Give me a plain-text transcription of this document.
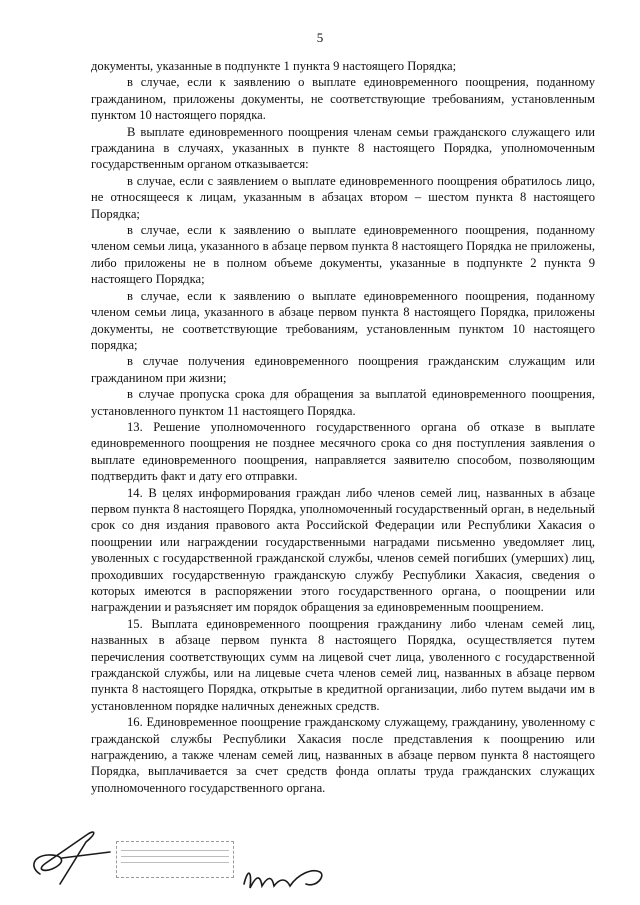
5

документы, указанные в подпункте 1 пункта 9 настоящего Порядка;

в случае, если к заявлению о выплате единовременного поощрения, поданному гражданином, приложены документы, не соответствующие требованиям, установленным пунктом 10 настоящего порядка.

В выплате единовременного поощрения членам семьи гражданского служащего или гражданина в случаях, указанных в пункте 8 настоящего Порядка, уполномоченным государственным органом отказывается:

в случае, если с заявлением о выплате единовременного поощрения обратилось лицо, не относящееся к лицам, указанным в абзацах втором – шестом пункта 8 настоящего Порядка;

в случае, если к заявлению о выплате единовременного поощрения, поданному членом семьи лица, указанного в абзаце первом пункта 8 настоящего Порядка не приложены, либо приложены не в полном объеме документы, указанные в подпункте 2 пункта 9 настоящего Порядка;

в случае, если к заявлению о выплате единовременного поощрения, поданному членом семьи лица, указанного в абзаце первом пункта 8 настоящего Порядка, приложены документы, не соответствующие требованиям, установленным пунктом 10 настоящего порядка;

в случае получения единовременного поощрения гражданским служащим или гражданином при жизни;

в случае пропуска срока для обращения за выплатой единовременного поощрения, установленного пунктом 11 настоящего Порядка.

13. Решение уполномоченного государственного органа об отказе в выплате единовременного поощрения не позднее месячного срока со дня поступления заявления о выплате единовременного поощрения, направляется заявителю способом, позволяющим подтвердить факт и дату его отправки.

14. В целях информирования граждан либо членов семей лиц, названных в абзаце первом пункта 8 настоящего Порядка, уполномоченный государственный орган, в недельный срок со дня издания правового акта Российской Федерации или Республики Хакасия о поощрении или награждении государственными наградами письменно уведомляет лиц, уволенных с государственной гражданской службы, членов семей погибших (умерших) лиц, проходивших государственную гражданскую службу Республики Хакасия, сведения о которых имеются в распоряжении этого государственного органа, о поощрении или награждении и разъясняет им порядок обращения за единовременным поощрением.

15. Выплата единовременного поощрения гражданину либо членам семей лиц, названных в абзаце первом пункта 8 настоящего Порядка, осуществляется путем перечисления соответствующих сумм на лицевой счет лица, уволенного с государственной гражданской службы, или на лицевые счета членов семей лиц, названных в абзаце первом пункта 8 настоящего Порядка, открытые в кредитной организации, либо путем выдачи им в установленном порядке наличных денежных средств.

16. Единовременное поощрение гражданскому служащему, гражданину, уволенному с гражданской службы Республики Хакасия после представления к поощрению или награждению, а также членам семей лиц, названных в абзаце первом пункта 8 настоящего Порядка, выплачивается за счет средств фонда оплаты труда гражданских служащих уполномоченного государственного органа.
